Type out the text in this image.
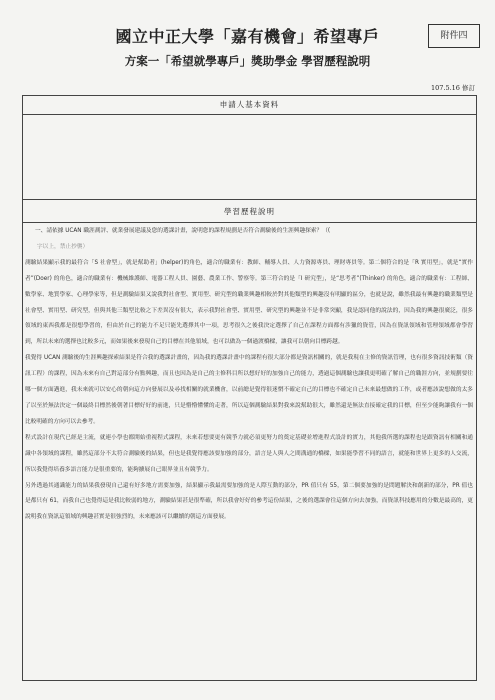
國立中正大學「嘉有機會」希望專戶
方案一「希望就學專戶」獎助學金 學習歷程說明
附件四
107.5.16 修訂
申請人基本資料
學習歷程說明

一、請依據 UCAN 職涯測評、就業發展建議及您的選課計畫，說明您的課程規劃是否符合測驗後的生涯興趣探索？（(

字以上，禁止抄襲）

測驗結果顯示我的最符合「S 社會型」，就是幫助者」(helper)的角色，適合的職業有：教師、輔導人員、人力資源專員、理財專員等。第二個符合的是「R 實用型」，就是“實作者”(Doer) 的角色，適合的職業有：機械維護師、電器工程人員、園藝、農業工作、警察等。第三符合的是「I 研究型」，是“思考者”(Thinker) 的角色，適合的職業有：工程師、數學家、地質學家、心理學家等，但是測驗結果又說我對社會型、實用型、研究型的職業興趣相較於對其他類型的興趣沒有明顯的區分，也就是說，雖然我最有興趣的職業類型是社會型、實用型、研究型，但與其他三類型比較之下差異沒有很大，表示我對社會型、實用型、研究型的興趣並不是非常突顯，我是認同他的說法的，因為我的興趣很廣泛，很多領域的東西我都是很想學習的，但由於自己的能力不足只能先選擇其中一項，思考很久之後我決定選擇了自己在課程方面都有涉獵的資管，因為在資訊領域和管理領域都會學習到，所以未來的選擇也比較多元，而如果後來發現自己的目標在其他領域，也可以做為一個過渡橋樑，讓我可以朝向目標跨越。

我覺得 UCAN 測驗後的生涯興趣探索結果是符合我的選課計畫的，因為我的選課計畫中的課程有很大部分都是資訊相關的，就是我現在主修的資訊管理，也有很多資訊技術類（資訊工程）的課程，因為未來有自己對這部分有點興趣，而且也因為是自己的主修科目所以想好好的加強自己的能力，透過這個測驗也讓我更明確了解自己的職涯方向，並規劃要往哪一個方面邁進，我未來就可以安心的朝向這方向發展以及尋找相關的就業機會，以前總是覺得很迷惘不確定自己的目標也不確定自己未來最想做的工作，或者應該說想做的太多了以至於無法決定一個最終目標然後朝著目標好好的前進，只是懵懵懂懂的走著，所以這個測驗結果對我來說幫助很大，雖然還是無法直接確定我的目標，但至少能夠讓我有一個比較明確的方向可以去參考。

程式設計在現代已經是主流，就連小學也都開始重視程式課程，未來若想要更有競爭力就必須更努力的奠定基礎並增進程式設計的實力，其他我所選的課程也是跟資訊有相關和通識中各領域的課程，雖然這部分不太符合測驗後的結果，但也是我覺得應該要加強的部分，語言是人與人之間溝通的橋樑，如果能學習不同的語言，就能和世界上更多的人交流，所以我覺得培養多語言能力是很重要的，能夠擴展自己眼界並且有競爭力。

另外透過其通識能力的結果我發現自己還有好多地方需要加強，結果顯示我最需要加強的是人際互動的部分，PR 值只有 55，第二個要加強的是問題解決和創新的部分，PR 值也是都只有 61，而我自己也覺得這是我比較弱的地方，測驗結果甚是很準確，所以我會好好的參考這份結果，之後的選課會往這個方向去加強，而資訊科技應用的分數是最高的，更說明我在資訊這領域的興趣甚實是很強烈的，未來應該可以繼續的朝這方面發展。
